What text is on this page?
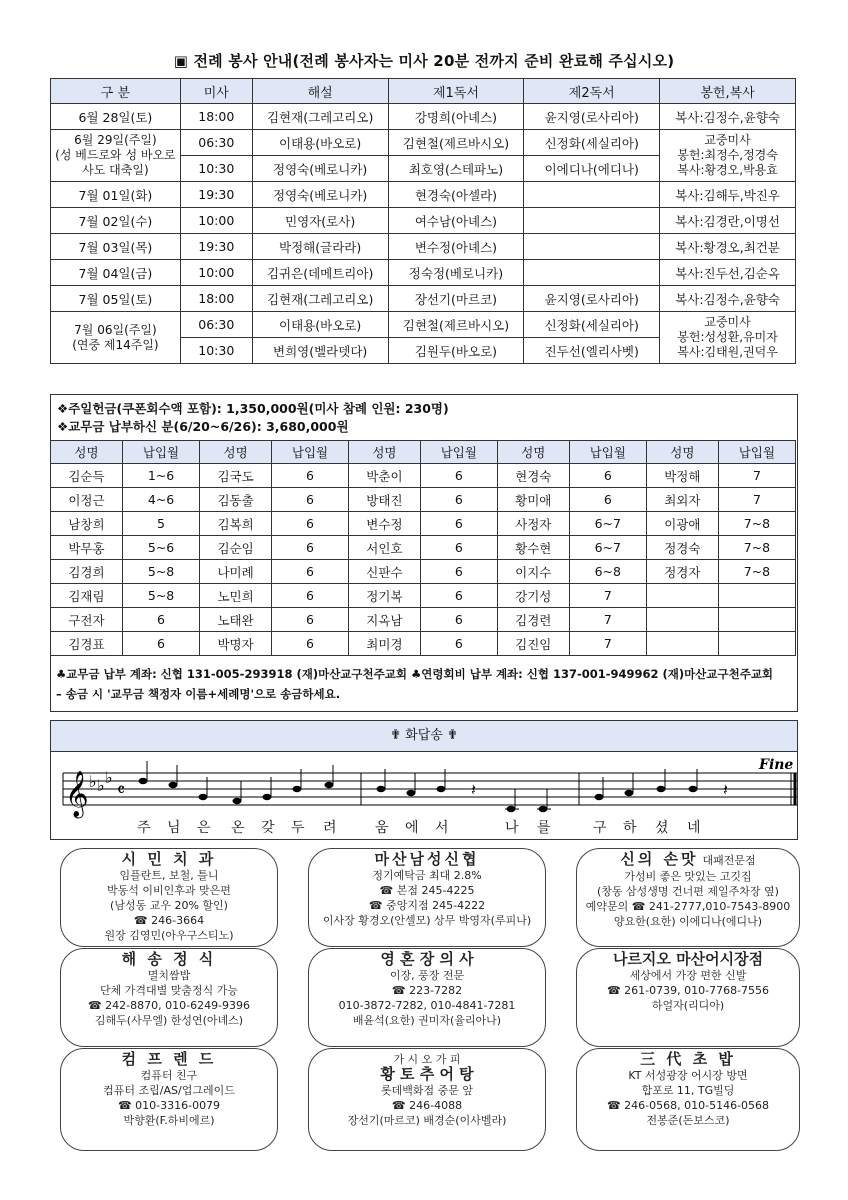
▣ 전례 봉사 안내(전례 봉사자는 미사 20분 전까지 준비 완료해 주십시오)
구 분	미사	해설	제1독서	제2독서	봉헌,복사
6월 28일(토)	18:00	김현재(그레고리오)	강명희(아녜스)	윤지영(로사리아)	복사:김정수,윤향숙
6월 29일(주일)
(성 베드로와 성 바오로
사도 대축일)	06:30	이태용(바오로)	김현철(제르바시오)	신정화(세실리아)	교중미사
봉헌:최정수,정경숙
복사:황경오,박용효
	10:30	정영숙(베로니카)	최호영(스테파노)	이에디나(에디나)	
7월 01일(화)	19:30	정영숙(베로니카)	현경숙(아셀라)		복사:김해두,박진우
7월 02일(수)	10:00	민영자(로사)	여수남(아녜스)		복사:김경란,이명선
7월 03일(목)	19:30	박정해(글라라)	변수정(아녜스)		복사:황경오,최건분
7월 04일(금)	10:00	김귀은(데메트리아)	정숙정(베로니카)		복사:진두선,김순옥
7월 05일(토)	18:00	김현재(그레고리오)	장선기(마르코)	윤지영(로사리아)	복사:김정수,윤향숙
7월 06일(주일)
(연중 제14주일)	06:30	이태용(바오로)	김현철(제르바시오)	신정화(세실리아)	교중미사
봉헌:성성환,유미자
복사:김태원,권덕우
	10:30	변희영(벨라뎃다)	김원두(바오로)	진두선(엘리사벳)	
❖주일헌금(쿠폰회수액 포함): 1,350,000원(미사 참례 인원: 230명)
❖교무금 납부하신 분(6/20~6/26): 3,680,000원
성명	납입월	성명	납입월	성명	납입월	성명	납입월	성명	납입월
김순득	1~6	김국도	6	박춘이	6	현경숙	6	박정해	7
이정근	4~6	김동출	6	방태진	6	황미애	6	최외자	7
남창희	5	김복희	6	변수정	6	사정자	6~7	이광애	7~8
박무홍	5~6	김순임	6	서인호	6	황수현	6~7	정경숙	7~8
김경희	5~8	나미례	6	신판수	6	이지수	6~8	정경자	7~8
김재림	5~8	노민희	6	정기복	6	강기성	7		
구전자	6	노태완	6	지옥남	6	김경련	7		
김경표	6	박명자	6	최미경	6	김진임	7		
♣교무금 납부 계좌: 신협 131-005-293918 (재)마산교구천주교회 ♣연령회비 납부 계좌: 신협 137-001-949962 (재)마산교구천주교회
– 송금 시 '교무금 책정자 이름+세례명'으로 송금하세요.
✟ 화답송 ✟
𝄞 ♭ ♭ ♭
𝄴	𝄽	𝄽
Fine
주 님 은 온 갖 두 려	움 에 서	나 를	구 하 셨 네
시 민 치 과
임플란트, 보철, 틀니
박동석 이비인후과 맞은편
(남성동 교우 20% 할인)
☎ 246-3664
원장 김영민(아우구스티노)
마산남성신협
정기예탁금 최대 2.8%
☎ 본점 245-4225
☎ 중앙지점 245-4222
이사장 황경오(안셀모) 상무 박영자(루피나)
신의 손맛 대패전문점
가성비 좋은 맛있는 고깃집
(창동 삼성생명 건너편 제일주차장 옆)
예약문의 ☎ 241-2777,010-7543-8900
양요한(요한) 이에디나(에디나)
해 송 정 식
멸치쌈밥
단체 가격대별 맞춤정식 가능
☎ 242-8870, 010-6249-9396
김해두(사무엘) 한성연(아녜스)
영 혼 장 의 사
이장, 풍장 전문
☎ 223-7282
010-3872-7282, 010-4841-7281
배윤석(요한) 권미자(율리아나)
나르지오 마산어시장점
세상에서 가장 편한 신발
☎ 261-0739, 010-7768-7556
하얼자(리디아)
컴 프 렌 드
컴퓨터 친구
컴퓨터 조립/AS/업그레이드
☎ 010-3316-0079
박향환(F.하비에르)
가 시 오 가 피
황 토 추 어 탕
롯데백화점 중문 앞
☎ 246-4088
장선기(마르코) 배경순(이사벨라)
三 代 초 밥
KT 서성광장 어시장 방면
합포로 11, TG빌딩
☎ 246-0568, 010-5146-0568
전봉준(돈보스코)
